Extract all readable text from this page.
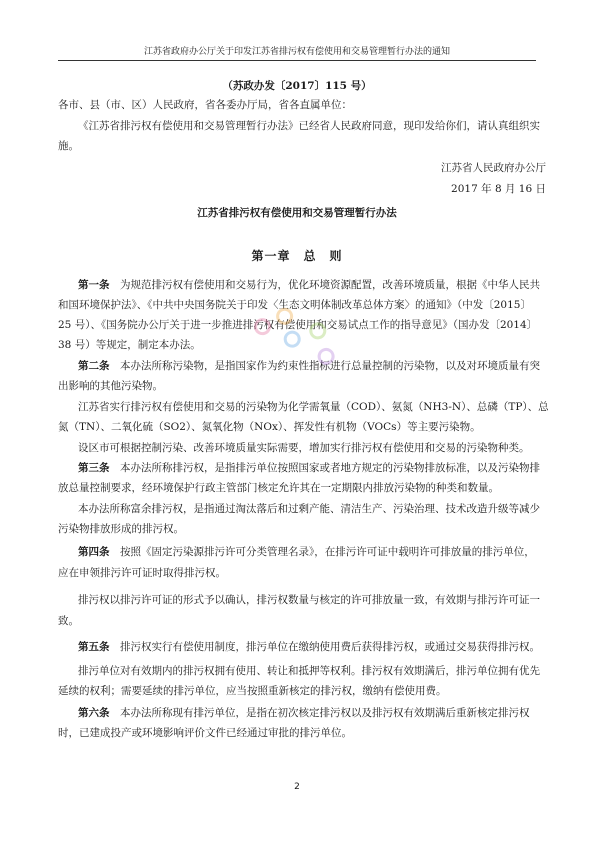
江苏省政府办公厅关于印发江苏省排污权有偿使用和交易管理暂行办法的通知
（苏政办发〔2017〕115 号）
各市、县（市、区）人民政府，省各委办厅局，省各直属单位：
《江苏省排污权有偿使用和交易管理暂行办法》已经省人民政府同意，现印发给你们，请认真组织实
施。
江苏省人民政府办公厅
2017 年 8 月 16 日
江苏省排污权有偿使用和交易管理暂行办法
第一章　总　则
第一条　 为规范排污权有偿使用和交易行为，优化环境资源配置，改善环境质量，根据《中华人民共
和国环境保护法》、《中共中央国务院关于印发〈生态文明体制改革总体方案〉的通知》（中发〔2015〕
25 号）、《国务院办公厅关于进一步推进排污权有偿使用和交易试点工作的指导意见》（国办发〔2014〕
38 号）等规定，制定本办法。
第二条　 本办法所称污染物，是指国家作为约束性指标进行总量控制的污染物，以及对环境质量有突
出影响的其他污染物。
江苏省实行排污权有偿使用和交易的污染物为化学需氧量（COD）、氨氮（NH3-N）、总磷（TP）、总
氮（TN）、二氧化硫（SO2）、氮氧化物（NOx）、挥发性有机物（VOCs）等主要污染物。
设区市可根据控制污染、改善环境质量实际需要，增加实行排污权有偿使用和交易的污染物种类。
第三条　 本办法所称排污权，是指排污单位按照国家或者地方规定的污染物排放标准，以及污染物排
放总量控制要求，经环境保护行政主管部门核定允许其在一定期限内排放污染物的种类和数量。
本办法所称富余排污权，是指通过淘汰落后和过剩产能、清洁生产、污染治理、技术改造升级等减少
污染物排放形成的排污权。
第四条　 按照《固定污染源排污许可分类管理名录》，在排污许可证中载明许可排放量的排污单位，
应在申领排污许可证时取得排污权。
排污权以排污许可证的形式予以确认，排污权数量与核定的许可排放量一致，有效期与排污许可证一
致。
第五条　 排污权实行有偿使用制度，排污单位在缴纳使用费后获得排污权，或通过交易获得排污权。
排污单位对有效期内的排污权拥有使用、转让和抵押等权利。排污权有效期满后，排污单位拥有优先
延续的权利；需要延续的排污单位，应当按照重新核定的排污权，缴纳有偿使用费。
第六条　 本办法所称现有排污单位，是指在初次核定排污权以及排污权有效期满后重新核定排污权
时，已建成投产或环境影响评价文件已经通过审批的排污单位。
2
